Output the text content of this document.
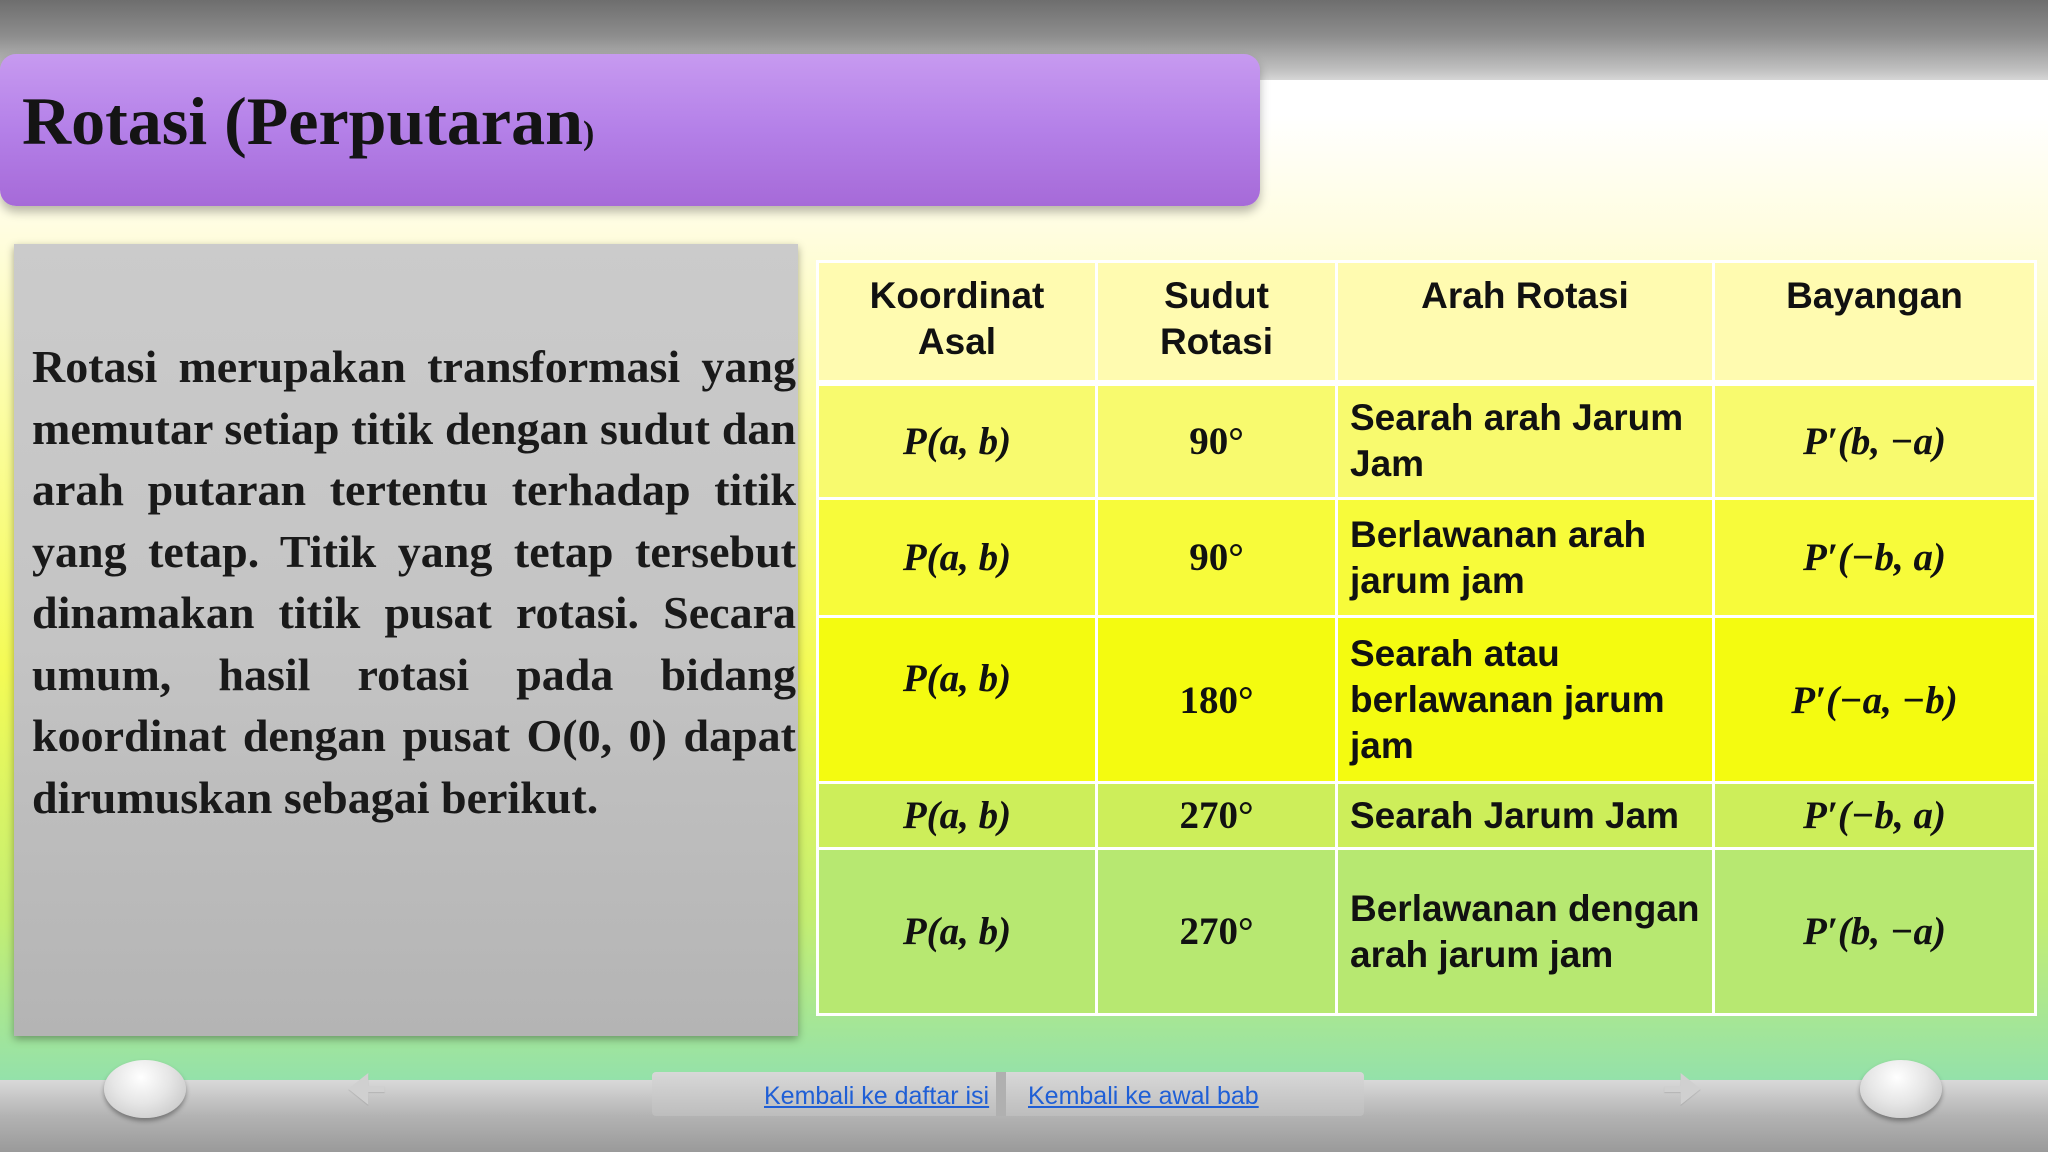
Rotasi (Perputaran)

Rotasi merupakan transformasi yang memutar setiap titik dengan sudut dan arah putaran tertentu terhadap titik yang tetap. Titik yang tetap tersebut dinamakan titik pusat rotasi. Secara umum, hasil rotasi pada bidang koordinat dengan pusat O(0, 0) dapat dirumuskan sebagai berikut.

Koordinat Asal	Sudut Rotasi	Arah Rotasi	Bayangan
P(a, b)	90°	Searah arah Jarum Jam	P′(b, −a)
P(a, b)	90°	Berlawanan arah jarum jam	P′(−b, a)
P(a, b)	180°	Searah atau berlawanan jarum jam	P′(−a, −b)
P(a, b)	270°	Searah Jarum Jam	P′(−b, a)
P(a, b)	270°	Berlawanan dengan arah jarum jam	P′(b, −a)
🠈	🠊
Kembali ke daftar isi Kembali ke awal bab
